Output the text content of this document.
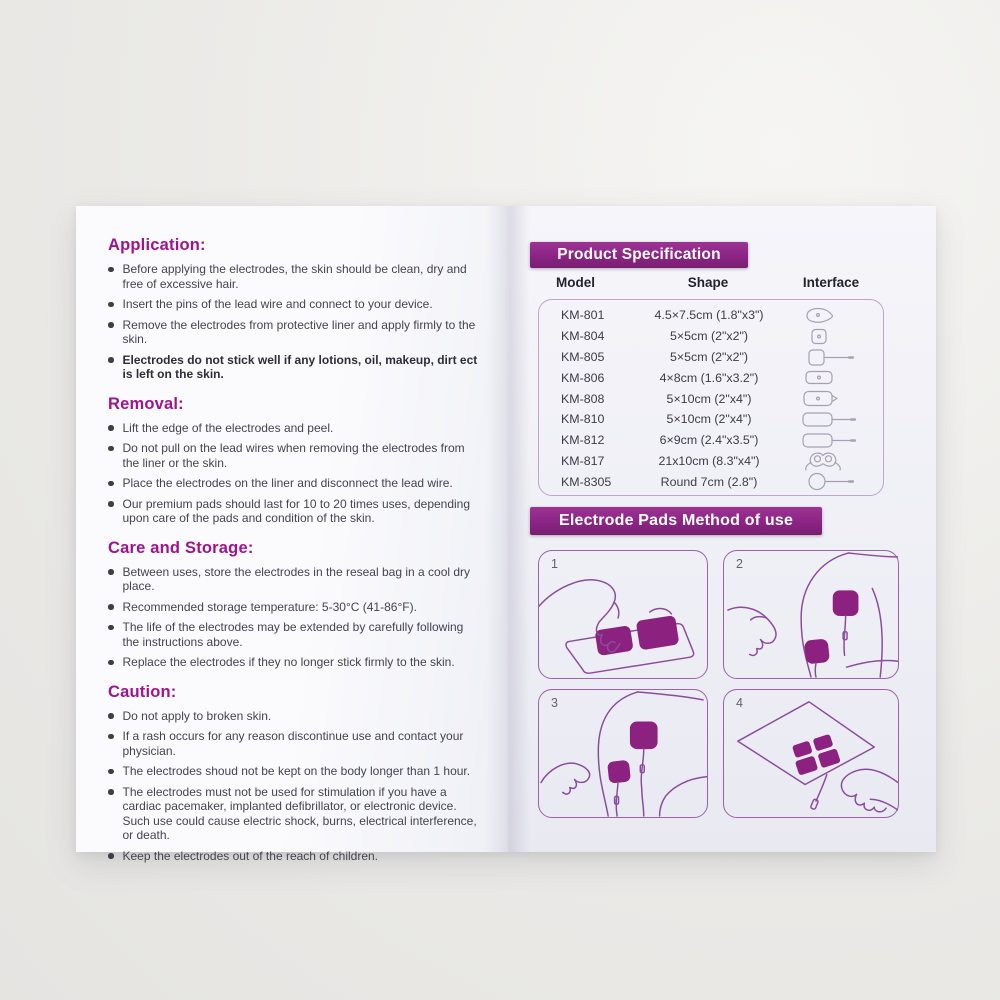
Application:
Before applying the electrodes, the skin should be clean, dry and free of excessive hair.
Insert the pins of the lead wire and connect to your device.
Remove the electrodes from protective liner and apply firmly to the skin.
Electrodes do not stick well if any lotions, oil, makeup, dirt ect is left on the skin.
Removal:
Lift the edge of the electrodes and peel.
Do not pull on the lead wires when removing the electrodes from the liner or the skin.
Place the electrodes on the liner and disconnect the lead wire.
Our premium pads should last for 10 to 20 times uses, depending upon care of the pads and condition of the skin.
Care and Storage:
Between uses, store the electrodes in the reseal bag in a cool dry place.
Recommended storage temperature: 5-30°C (41-86°F).
The life of the electrodes may be extended by carefully following the instructions above.
Replace the electrodes if they no longer stick firmly to the skin.
Caution:
Do not apply to broken skin.
If a rash occurs for any reason discontinue use and contact your physician.
The electrodes shoud not be kept on the body longer than 1 hour.
The electrodes must not be used for stimulation if you have a cardiac pacemaker, implanted defibrillator, or electronic device. Such use could cause electric shock, burns, electrical interference, or death.
Keep the electrodes out of the reach of children.
Product Specification
Model	Shape	Interface
KM-801	4.5×7.5cm (1.8"x3")
KM-804	5×5cm (2"x2")
KM-805	5×5cm (2"x2")
KM-806	4×8cm (1.6"x3.2")
KM-808	5×10cm (2"x4")
KM-810	5×10cm (2"x4")
KM-812	6×9cm (2.4"x3.5")
KM-817	21x10cm (8.3"x4")
KM-8305	Round 7cm (2.8")
Electrode Pads Method of use
1	2
3	4
